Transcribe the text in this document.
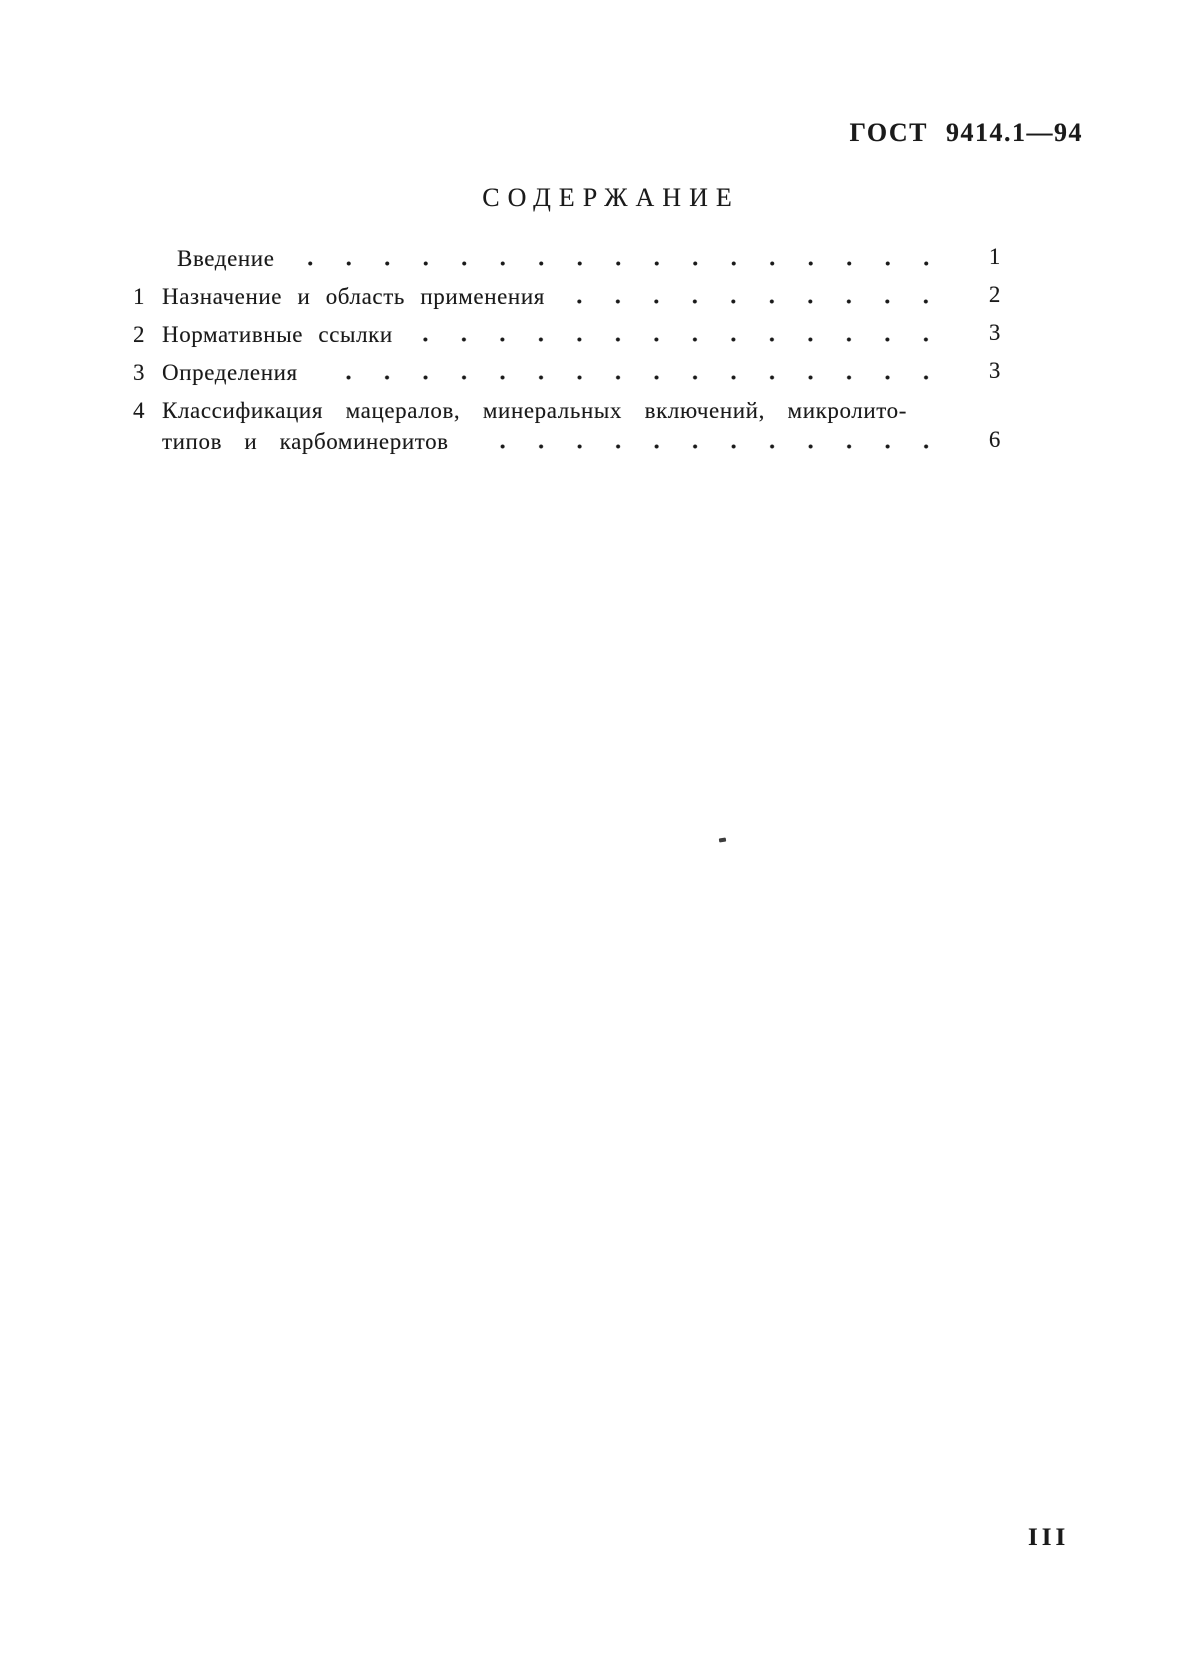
ГОСТ 9414.1—94
СОДЕРЖАНИЕ
Введение	1
1 Назначение и область применения	2
2 Нормативные ссылки	3
3 Определения	3
4 Классификация мацералов, минеральных включений, микролито-
типов и карбоминеритов	6
III
